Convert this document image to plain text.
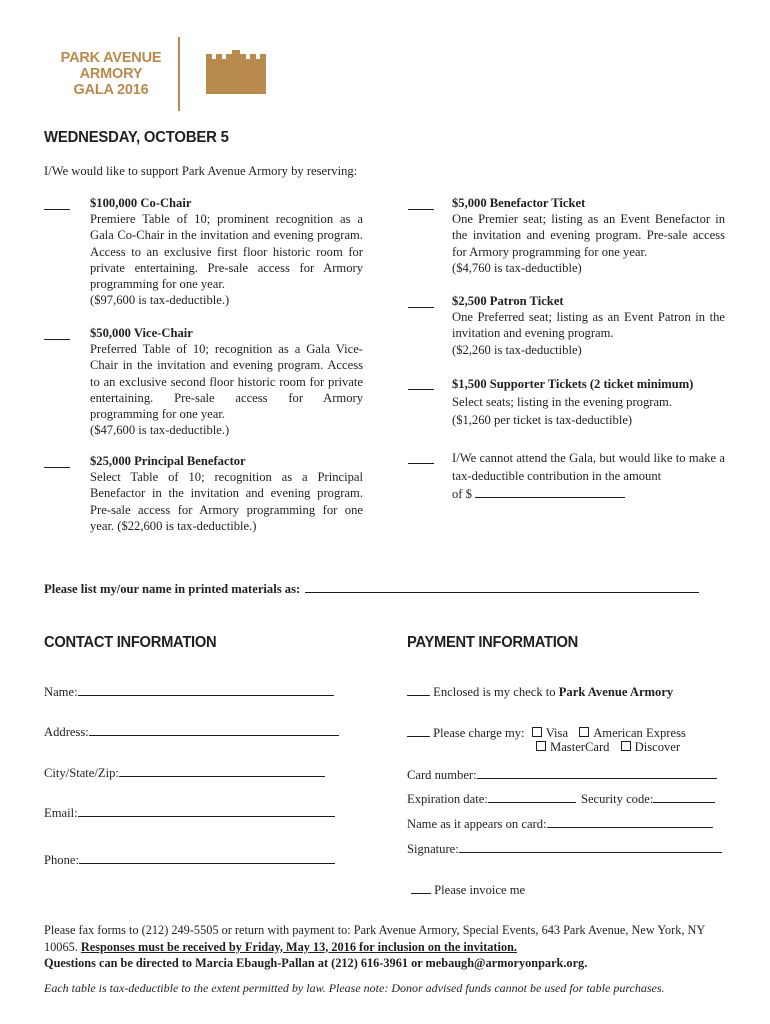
PARK AVENUE
ARMORY
GALA 2016
WEDNESDAY, OCTOBER 5
I/We would like to support Park Avenue Armory by reserving:
$100,000 Co-Chair
Premiere Table of 10; prominent recognition as a Gala Co-Chair in the invitation and evening program. Access to an exclusive first floor historic room for private entertaining. Pre-sale access for Armory programming for one year.
($97,600 is tax-deductible.)
$50,000 Vice-Chair
Preferred Table of 10; recognition as a Gala Vice-Chair in the invitation and evening program. Access to an exclusive second floor historic room for private entertaining. Pre-sale access for Armory programming for one year.
($47,600 is tax-deductible.)
$25,000 Principal Benefactor
Select Table of 10; recognition as a Principal Benefactor in the invitation and evening program. Pre-sale access for Armory programming for one year. ($22,600 is tax-deductible.)
$5,000 Benefactor Ticket
One Premier seat; listing as an Event Benefactor in the invitation and evening program. Pre-sale access for Armory programming for one year.
($4,760 is tax-deductible)
$2,500 Patron Ticket
One Preferred seat; listing as an Event Patron in the invitation and evening program.
($2,260 is tax-deductible)
$1,500 Supporter Tickets (2 ticket minimum)
Select seats; listing in the evening program.
($1,260 per ticket is tax-deductible)
I/We cannot attend the Gala, but would like to make a tax-deductible contribution in the amount
of $
Please list my/our name in printed materials as:
CONTACT INFORMATION
Name:
Address:
City/State/Zip:
Email:
Phone:
PAYMENT INFORMATION
Enclosed is my check to Park Avenue Armory
Please charge my: Visa American Express
MasterCard Discover
Card number:
Expiration date:	Security code:
Name as it appears on card:
Signature:
Please invoice me
Please fax forms to (212) 249-5505 or return with payment to: Park Avenue Armory, Special Events, 643 Park Avenue, New York, NY 10065. Responses must be received by Friday, May 13, 2016 for inclusion on the invitation.
Questions can be directed to Marcia Ebaugh-Pallan at (212) 616-3961 or mebaugh@armoryonpark.org.
Each table is tax-deductible to the extent permitted by law. Please note: Donor advised funds cannot be used for table purchases.
